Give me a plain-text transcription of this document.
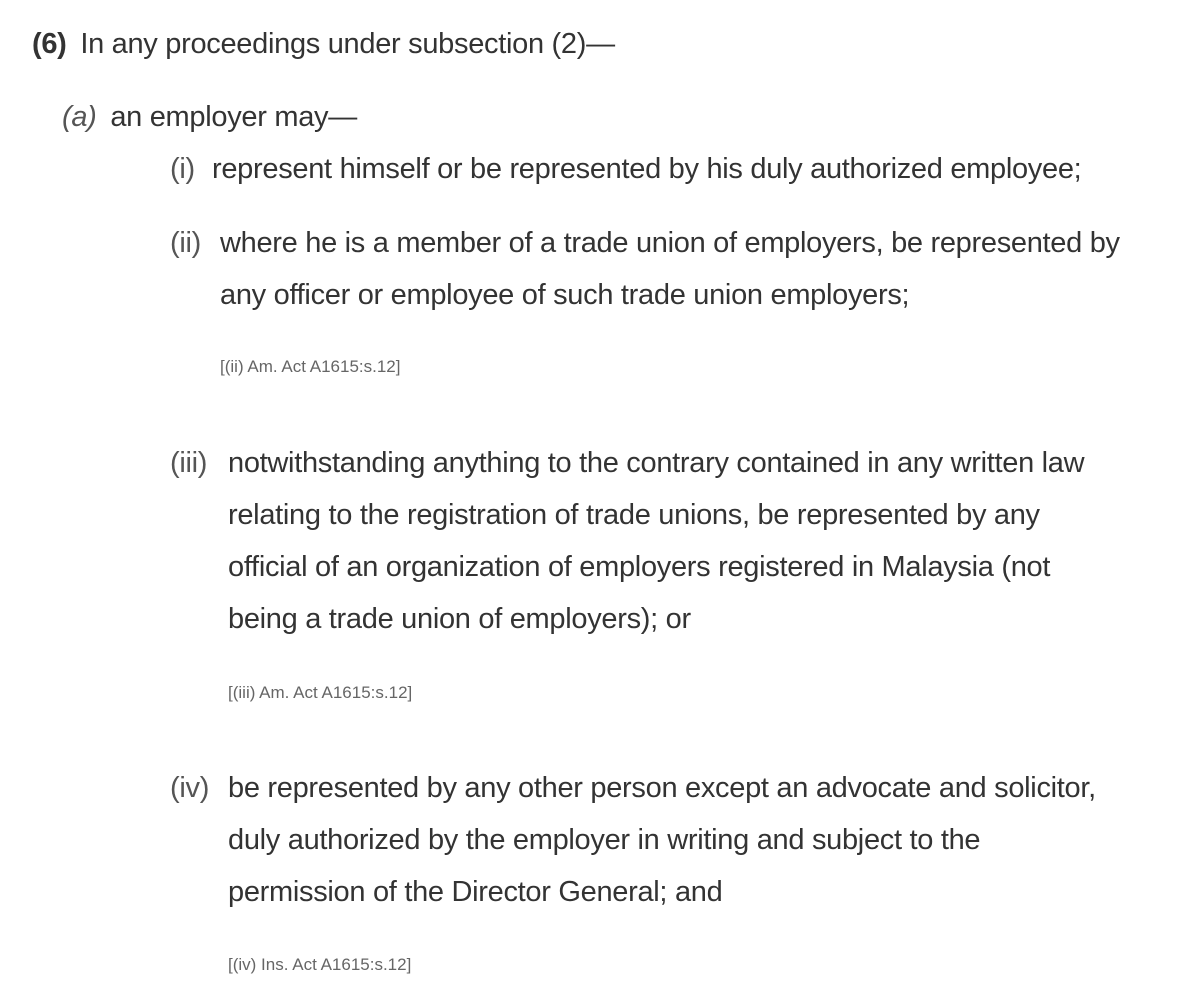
(6) In any proceedings under subsection (2)—
(a) an employer may—
(i) represent himself or be represented by his duly authorized employee;
(ii) where he is a member of a trade union of employers, be represented by
any officer or employee of such trade union employers;
[(ii) Am. Act A1615:s.12]
(iii) notwithstanding anything to the contrary contained in any written law
relating to the registration of trade unions, be represented by any
official of an organization of employers registered in Malaysia (not
being a trade union of employers); or
[(iii) Am. Act A1615:s.12]
(iv) be represented by any other person except an advocate and solicitor,
duly authorized by the employer in writing and subject to the
permission of the Director General; and
[(iv) Ins. Act A1615:s.12]
